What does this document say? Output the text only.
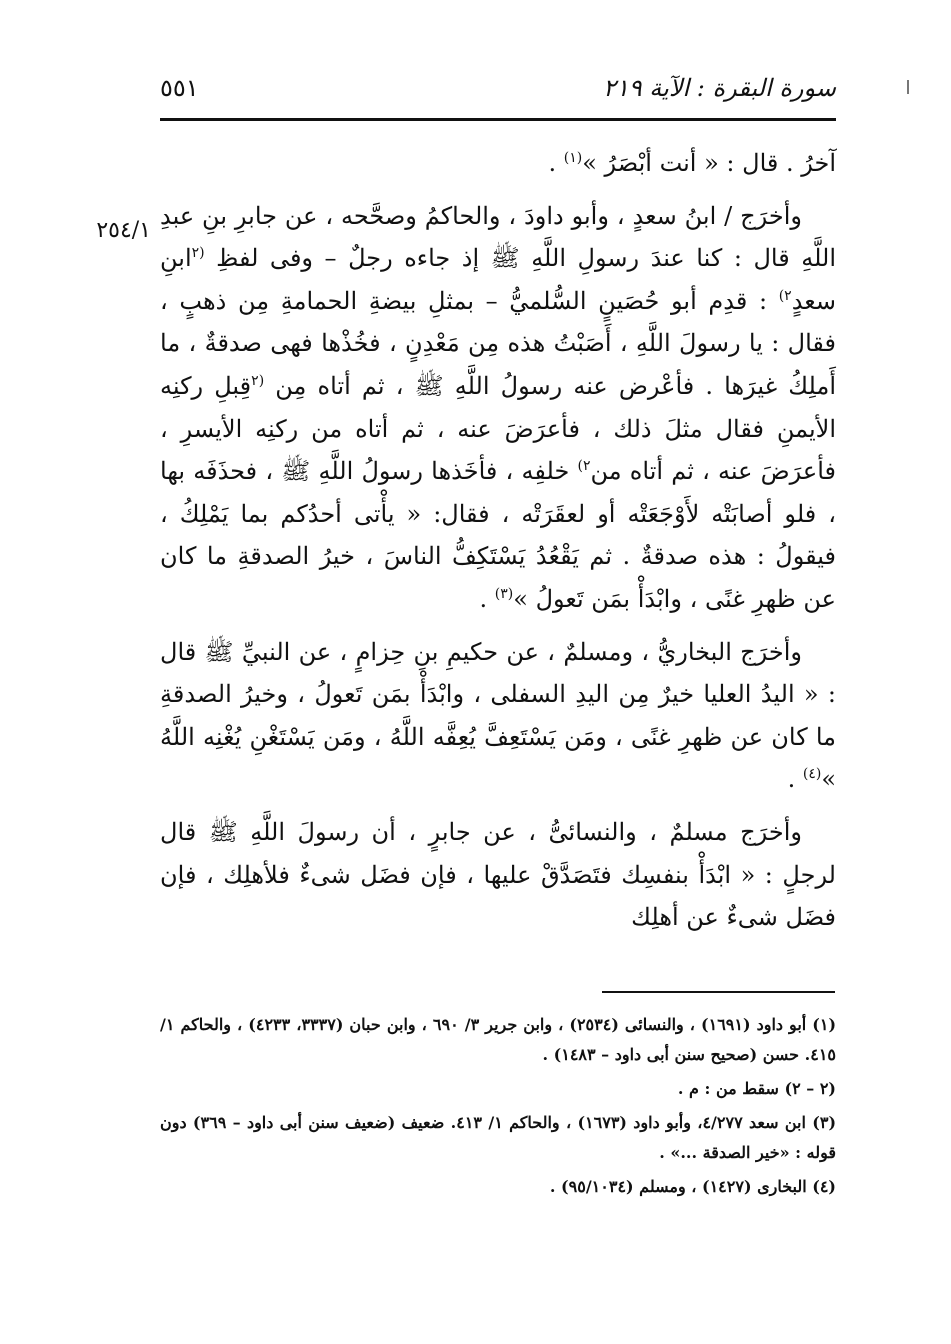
سورة البقرة : الآية ٢١٩
٥٥١
٢٥٤/١

آخرُ . قال : « أنت أبْصَرُ »$^{(١)}$ .

وأخرَج / ابنُ سعدٍ ، وأبو داودَ ، والحاكمُ وصحَّحه ، عن جابرِ بنِ عبدِ اللَّهِ قال : كنا عندَ رسولِ اللَّهِ ﷺ إذ جاءه رجلٌ – وفى لفظِ $^{(٢}$ابنِ سعدٍ$^{٢)}$ : قدِم أبو حُصَينٍ السُّلميُّ – بمثلِ بيضةِ الحمامةِ مِن ذهبٍ ، فقال : يا رسولَ اللَّهِ ، أَصَبْتُ هذه مِن مَعْدِنٍ ، فخُذْها فهى صدقةٌ ، ما أَملِكُ غيرَها . فأعْرض عنه رسولُ اللَّهِ ﷺ ، ثم أتاه مِن $^{(٢}$قِبلِ ركنِه الأيمنِ فقال مثلَ ذلك ، فأعرَضَ عنه ، ثم أتاه من ركنِه الأيسرِ ، فأعرَضَ عنه ، ثم أتاه من$^{٢)}$ خلفِه ، فأخَذها رسولُ اللَّهِ ﷺ ، فحذَفَه بها ، فلو أصابَتْه لأَوْجَعَتْه أو لعقَرَتْه ، فقال: « يأْتى أحدُكم بما يَمْلِكُ ، فيقولُ : هذه صدقةٌ . ثم يَقْعُدُ يَسْتَكِفُّ الناسَ ، خيرُ الصدقةِ ما كان عن ظهرِ غنًى ، وابْدَأْ بمَن تَعولُ »$^{(٣)}$ .

وأخرَج البخاريُّ ، ومسلمٌ ، عن حكيمِ بنِ حِزامٍ ، عن النبيِّ ﷺ قال : « اليدُ العليا خيرٌ مِن اليدِ السفلى ، وابْدَأْ بمَن تَعولُ ، وخيرُ الصدقةِ ما كان عن ظهرِ غنًى ، ومَن يَسْتَعِفَّ يُعِفَّه اللَّهُ ، ومَن يَسْتَغْنِ يُغْنِه اللَّهُ »$^{(٤)}$ .

وأخرَج مسلمٌ ، والنسائىُّ ، عن جابرٍ ، أن رسولَ اللَّهِ ﷺ قال لرجلٍ : « ابْدَأْ بنفسِك فتَصَدَّقْ عليها ، فإن فضَل شىءٌ فلأهلِك ، فإن فضَل شىءٌ عن أهلِك

(١) أبو داود (١٦٩١) ، والنسائى (٢٥٣٤) ، وابن جرير ٣/ ٦٩٠ ، وابن حبان (٣٣٣٧، ٤٢٣٣) ، والحاكم ١/ ٤١٥. حسن (صحيح سنن أبى داود – ١٤٨٣) .

(٢ – ٢) سقط من : م .

(٣) ابن سعد ٤/٢٧٧، وأبو داود (١٦٧٣) ، والحاكم ١/ ٤١٣. ضعيف (ضعيف سنن أبى داود – ٣٦٩) دون قوله : «خير الصدقة ...» .

(٤) البخارى (١٤٢٧) ، ومسلم (٩٥/١٠٣٤) .
